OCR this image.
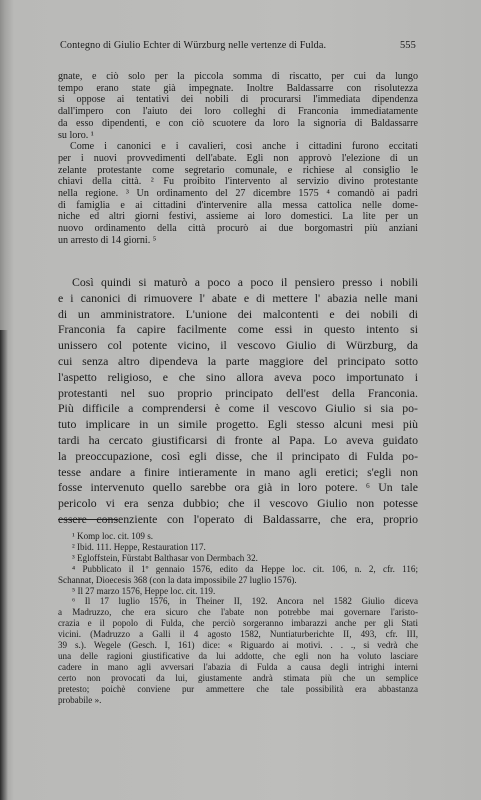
Contegno di Giulio Echter di Würzburg nelle vertenze di Fulda.	555
gnate, e ciò solo per la piccola somma di riscatto, per cui da lungo
tempo erano state già impegnate. Inoltre Baldassarre con risolutezza
si oppose ai tentativi dei nobili di procurarsi l'immediata dipendenza
dall'impero con l'aiuto dei loro colleghi di Franconia immediatamente
da esso dipendenti, e con ciò scuotere da loro la signoria di Baldassarre
su loro. ¹
Come i canonici e i cavalieri, così anche i cittadini furono eccitati
per i nuovi provvedimenti dell'abate. Egli non approvò l'elezione di un
zelante protestante come segretario comunale, e richiese al consiglio le
chiavi della città. ² Fu proibito l'intervento al servizio divino protestante
nella regione. ³ Un ordinamento del 27 dicembre 1575 ⁴ comandò ai padri
di famiglia e ai cittadini d'intervenire alla messa cattolica nelle dome-
niche ed altri giorni festivi, assieme ai loro domestici. La lite per un
nuovo ordinamento della città procurò ai due borgomastri più anziani
un arresto di 14 giorni. ⁵
Così quindi si maturò a poco a poco il pensiero presso i nobili
e i canonici di rimuovere l' abate e di mettere l' abazia nelle mani
di un amministratore. L'unione dei malcontenti e dei nobili di
Franconia fa capire facilmente come essi in questo intento si
unissero col potente vicino, il vescovo Giulio di Würzburg, da
cui senza altro dipendeva la parte maggiore del principato sotto
l'aspetto religioso, e che sino allora aveva poco importunato i
protestanti nel suo proprio principato dell'est della Franconia.
Più difficile a comprendersi è come il vescovo Giulio si sia po-
tuto implicare in un simile progetto. Egli stesso alcuni mesi più
tardi ha cercato giustificarsi di fronte al Papa. Lo aveva guidato
la preoccupazione, così egli disse, che il principato di Fulda po-
tesse andare a finire intieramente in mano agli eretici; s'egli non
fosse intervenuto quello sarebbe ora già in loro potere. ⁶ Un tale
pericolo vi era senza dubbio; che il vescovo Giulio non potesse
essere consenziente con l'operato di Baldassarre, che era, proprio
¹ Komp loc. cit. 109 s.
² Ibid. 111. Heppe, Restauration 117.
³ Egloffstein, Fürstabt Balthasar von Dermbach 32.
⁴ Pubblicato il 1º gennaio 1576, edito da Heppe loc. cit. 106, n. 2, cfr. 116;
Schannat, Dioecesis 368 (con la data impossibile 27 luglio 1576).
⁵ Il 27 marzo 1576, Heppe loc. cit. 119.
⁶ Il 17 luglio 1576, in Theiner II, 192. Ancora nel 1582 Giulio diceva
a Madruzzo, che era sicuro che l'abate non potrebbe mai governare l'aristo-
crazia e il popolo di Fulda, che perciò sorgeranno imbarazzi anche per gli Stati
vicini. (Madruzzo a Galli il 4 agosto 1582, Nuntiaturberichte II, 493, cfr. III,
39 s.). Wegele (Gesch. I, 161) dice: « Riguardo ai motivi. . . ., si vedrà che
una delle ragioni giustificative da lui addotte, che egli non ha voluto lasciare
cadere in mano agli avversari l'abazia di Fulda a causa degli intrighi interni
certo non provocati da lui, giustamente andrà stimata più che un semplice
pretesto; poichè conviene pur ammettere che tale possibilità era abbastanza
probabile ».
